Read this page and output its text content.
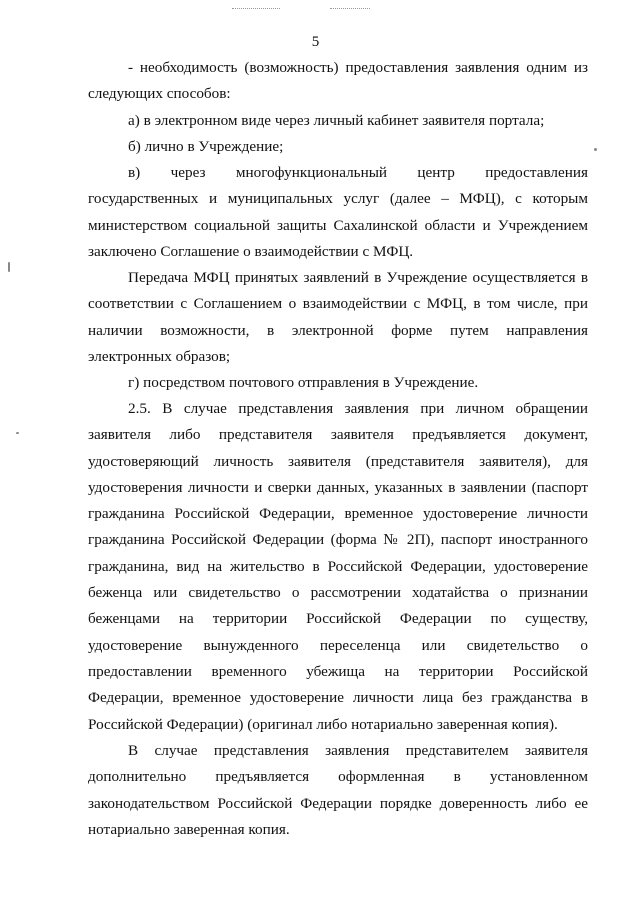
5

- необходимость (возможность) предоставления заявления одним из следующих способов:

а) в электронном виде через личный кабинет заявителя портала;

б) лично в Учреждение;

в) через многофункциональный центр предоставления государственных и муниципальных услуг (далее – МФЦ), с которым министерством социальной защиты Сахалинской области и Учреждением заключено Соглашение о взаимодействии с МФЦ.

Передача МФЦ принятых заявлений в Учреждение осуществляется в соответствии с Соглашением о взаимодействии с МФЦ, в том числе, при наличии возможности, в электронной форме путем направления электронных образов;

г) посредством почтового отправления в Учреждение.

2.5. В случае представления заявления при личном обращении заявителя либо представителя заявителя предъявляется документ, удостоверяющий личность заявителя (представителя заявителя), для удостоверения личности и сверки данных, указанных в заявлении (паспорт гражданина Российской Федерации, временное удостоверение личности гражданина Российской Федерации (форма № 2П), паспорт иностранного гражданина, вид на жительство в Российской Федерации, удостоверение беженца или свидетельство о рассмотрении ходатайства о признании беженцами на территории Российской Федерации по существу, удостоверение вынужденного переселенца или свидетельство о предоставлении временного убежища на территории Российской Федерации, временное удостоверение личности лица без гражданства в Российской Федерации) (оригинал либо нотариально заверенная копия).

В случае представления заявления представителем заявителя дополнительно предъявляется оформленная в установленном законодательством Российской Федерации порядке доверенность либо ее нотариально заверенная копия.
